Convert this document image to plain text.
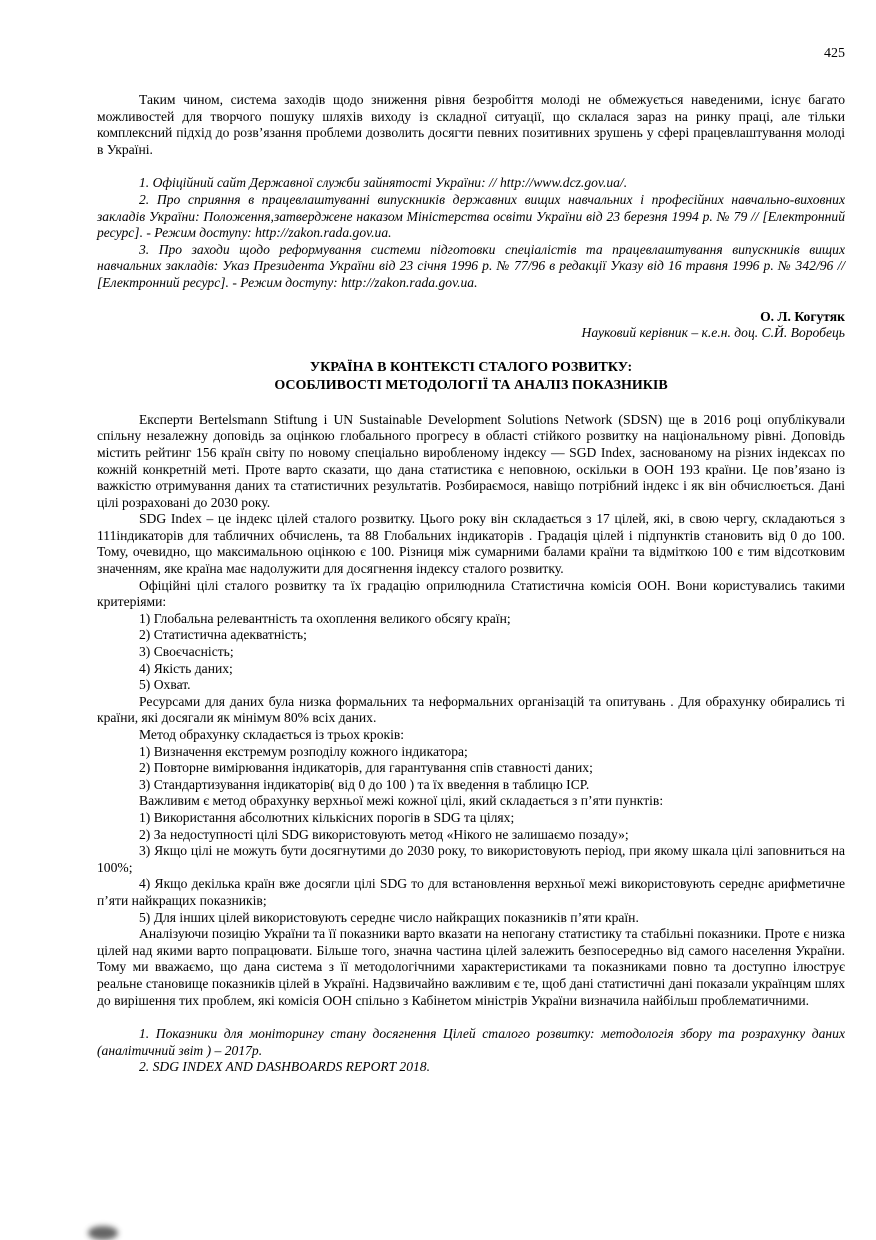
425

Таким чином, система заходів щодо зниження рівня безробіття молоді не обмежується наведеними, існує багато можливостей для творчого пошуку шляхів виходу із складної ситуації, що склалася зараз на ринку праці, але тільки комплексний підхід до розв’язання проблеми дозволить досягти певних позитивних зрушень у сфері працевлаштування молоді в Україні.

1. Офіційний сайт Державної служби зайнятості України: // http://www.dcz.gov.ua/.

2. Про сприяння в працевлаштуванні випускників державних вищих навчальних і професійних навчально-виховних закладів України: Положення,затверджене наказом Міністерства освіти України від 23 березня 1994 р. № 79 // [Електронний ресурс]. - Режим доступу: http://zakon.rada.gov.ua.

3. Про заходи щодо реформування системи підготовки спеціалістів та працевлаштування випускників вищих навчальних закладів: Указ Президента України від 23 січня 1996 р. № 77/96 в редакції Указу від 16 травня 1996 р. № 342/96 // [Електронний ресурс]. - Режим доступу: http://zakon.rada.gov.ua.

О. Л. Когутяк

Науковий керівник – к.е.н. доц. С.Й. Воробець

УКРАЇНА В КОНТЕКСТІ СТАЛОГО РОЗВИТКУ:

ОСОБЛИВОСТІ МЕТОДОЛОГІЇ ТА АНАЛІЗ ПОКАЗНИКІВ

Експерти Bertelsmann Stiftung і UN Sustainable Development Solutions Network (SDSN) ще в 2016 році опублікували спільну незалежну доповідь за оцінкою глобального прогресу в області стійкого розвитку на національному рівні. Доповідь містить рейтинг 156 країн світу по новому спеціально виробленому індексу — SGD Index, заснованому на різних індексах по кожній конкретній меті. Проте варто сказати, що дана статистика є неповною, оскільки в ООН 193 країни. Це пов’язано із важкістю отримування даних та статистичних результатів. Розбираємося, навіщо потрібний індекс і як він обчислюється. Дані цілі розраховані до 2030 року.

SDG Index – це індекс цілей сталого розвитку. Цього року він складається з 17 цілей, які, в свою чергу, складаються з 111індикаторів для табличних обчислень, та 88 Глобальних індикаторів . Градація цілей і підпунктів становить від 0 до 100. Тому, очевидно, що максимальною оцінкою є 100. Різниця між сумарними балами країни та відміткою 100 є тим відсотковим значенням, яке країна має надолужити для досягнення індексу сталого розвитку.

Офіційні цілі сталого розвитку та їх градацію оприлюднила Статистична комісія ООН. Вони користувались такими критеріями:

1) Глобальна релевантність та охоплення великого обсягу країн;

2) Статистична адекватність;

3) Своєчасність;

4) Якість даних;

5) Охват.

Ресурсами для даних була низка формальних та неформальних організацій та опитувань . Для обрахунку обирались ті країни, які досягали як мінімум 80% всіх даних.

Метод обрахунку складається із трьох кроків:

1) Визначення екстремум розподілу кожного індикатора;

2) Повторне вимірювання індикаторів, для гарантування спів ставності даних;

3) Стандартизування індикаторів( від 0 до 100 ) та їх введення в таблицю ICP.

Важливим є метод обрахунку верхньої межі кожної цілі, який складається з п’яти пунктів:

1) Використання абсолютних кількісних порогів в SDG та цілях;

2) За недоступності цілі SDG використовують метод «Нікого не залишаємо позаду»;

3) Якщо цілі не можуть бути досягнутими до 2030 року, то використовують період, при якому шкала цілі заповниться на 100%;

4) Якщо декілька країн вже досягли цілі SDG то для встановлення верхньої межі використовують середнє арифметичне п’яти найкращих показників;

5) Для інших цілей використовують середнє число найкращих показників п’яти країн.

Аналізуючи позицію України та її показники варто вказати на непогану статистику та стабільні показники. Проте є низка цілей над якими варто попрацювати. Більше того, значна частина цілей залежить безпосередньо від самого населення України. Тому ми вважаємо, що дана система з її методологічними характеристиками та показниками повно та доступно ілюструє реальне становище показників цілей в Україні. Надзвичайно важливим є те, щоб дані статистичні дані показали українцям шлях до вирішення тих проблем, які комісія ООН спільно з Кабінетом міністрів України визначила найбільш проблематичними.

1. Показники для моніторингу стану досягнення Цілей сталого розвитку: методологія збору та розрахунку даних (аналітичний звіт ) – 2017р.

2. SDG INDEX AND DASHBOARDS REPORT 2018.
